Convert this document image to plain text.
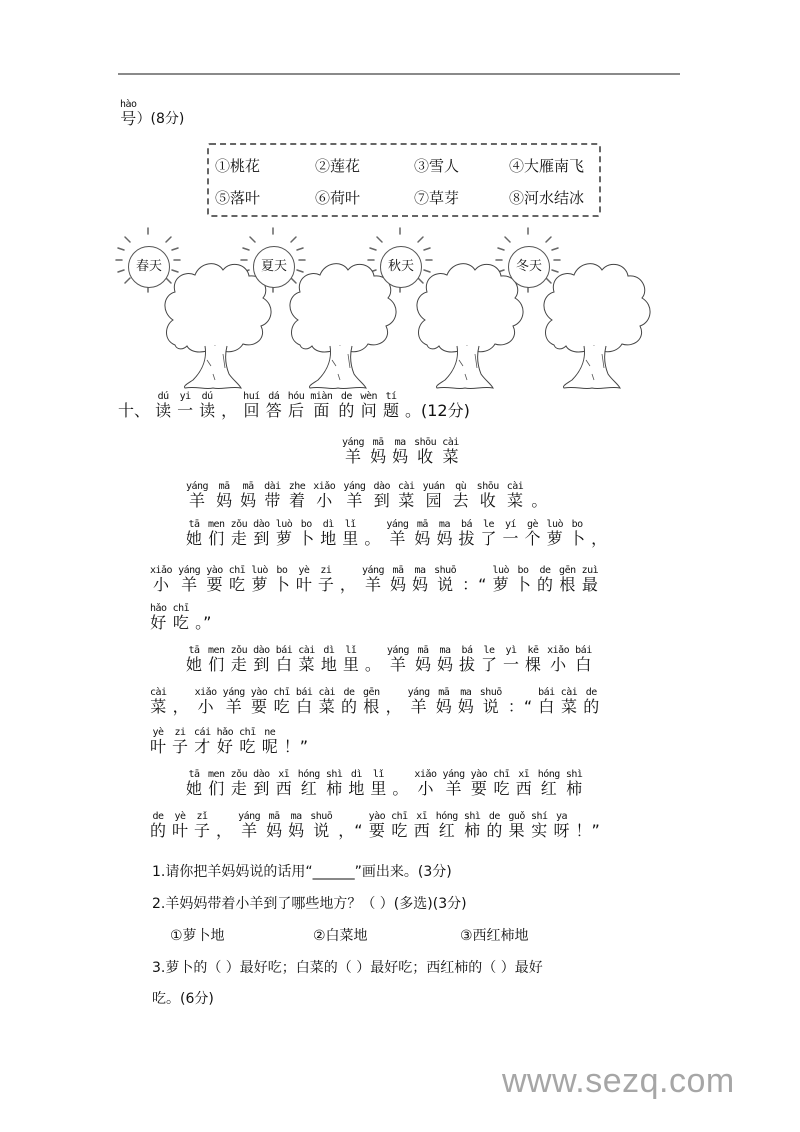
hào
号 ）(8分)
①桃花	②莲花	③雪人	④大雁南飞
⑤落叶	⑥荷叶	⑦草芽	⑧河水结冰
春天	夏天	秋天	冬天
十、

dú
读
yi
一
dú
读 ，
huí
回
dá
答
hóu
后
miàn
面
de
的
wèn
问
tí
题 。(12分)
yáng
羊
mā
妈
ma
妈
shōu
收
cài
菜
yáng
羊
mā
妈
mā
妈
dài
带
zhe
着
xiǎo
小
yáng
羊
dào
到
cài
菜
yuán
园
qù
去
shōu
收
cài
菜 。
tā
她
men
们
zǒu
走
dào
到
luò
萝
bo
卜
dì
地
lǐ
里 。
yáng
羊
mā
妈
ma
妈
bá
拔
le
了
yí
一
gè
个
luò
萝
bo
卜 ，
xiǎo
小
yáng
羊
yào
要
chī
吃
luò
萝
bo
卜
yè
叶
zi
子 ，
yáng
羊
mā
妈
ma
妈
shuō
说 ：“
luò
萝
bo
卜
de
的
gēn
根
zuì
最
hǎo
好
chī
吃 。”
tā
她
men
们
zǒu
走
dào
到
bái
白
cài
菜
dì
地
lǐ
里 。
yáng
羊
mā
妈
ma
妈
bá
拔
le
了
yì
一
kē
棵
xiǎo
小
bái
白
cài
菜 ，
xiǎo
小
yáng
羊
yào
要
chī
吃
bái
白
cài
菜
de
的
gēn
根 ，
yáng
羊
mā
妈
ma
妈
shuō
说 ：“
bái
白
cài
菜
de
的
yè
叶
zi
子
cái
才
hǎo
好
chī
吃
ne
呢 ！”
tā
她
men
们
zǒu
走
dào
到
xī
西
hóng
红
shì
柿
dì
地
lǐ
里 。
xiǎo
小
yáng
羊
yào
要
chī
吃
xī
西
hóng
红
shì
柿
de
的
yè
叶
zǐ
子 ，
yáng
羊
mā
妈
ma
妈
shuō
说 ，“
yào
要
chī
吃
xī
西
hóng
红
shì
柿
de
的
guǒ
果
shí
实
ya
呀 ！”
1.请你把羊妈妈说的话用“______”画出来。(3分)
2.羊妈妈带着小羊到了哪些地方？（ ）(多选)(3分)
①萝卜地	②白菜地	③西红柿地
3.萝卜的（ ）最好吃；白菜的（ ）最好吃；西红柿的（ ）最好
吃。(6分)
www.sezq.com
